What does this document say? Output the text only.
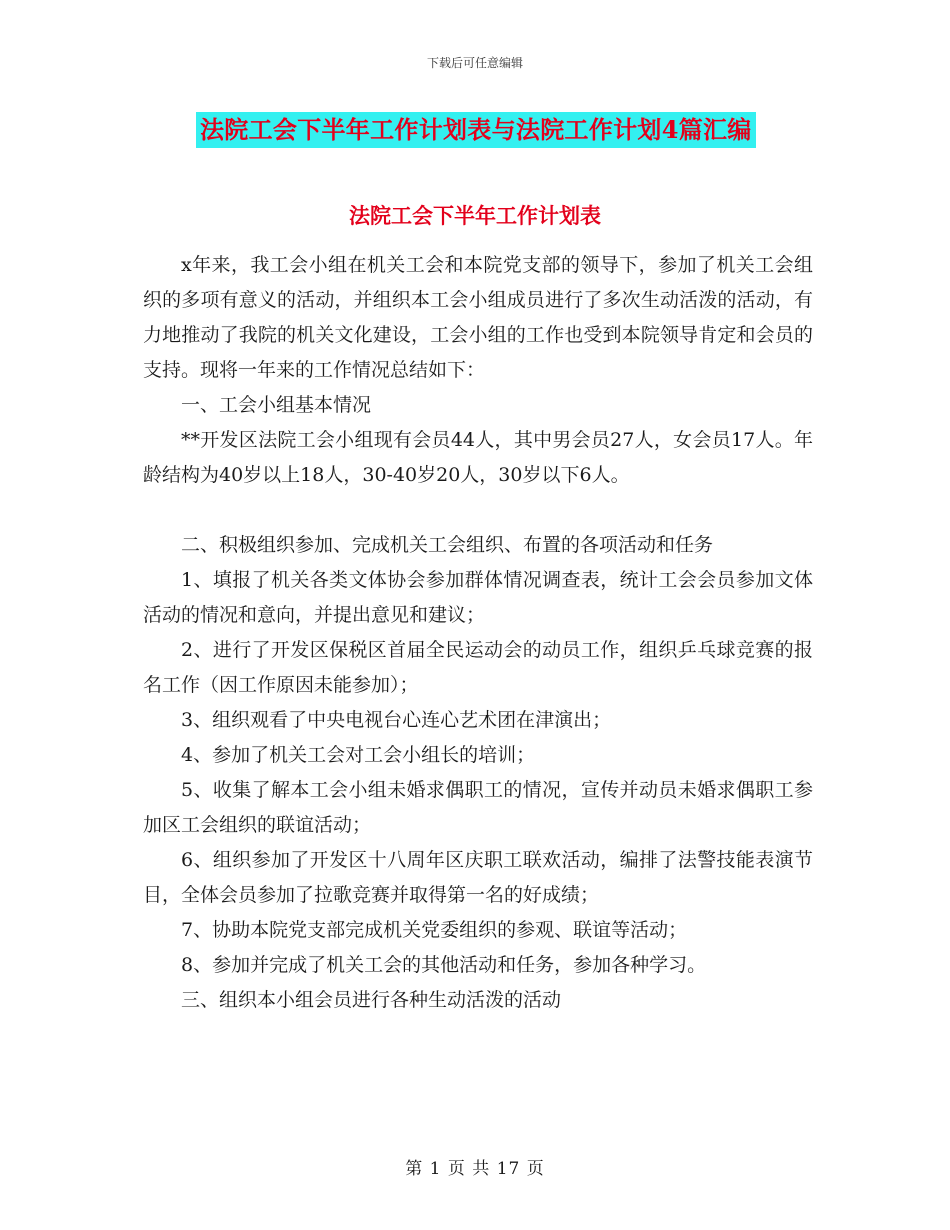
下载后可任意编辑
法院工会下半年工作计划表与法院工作计划4篇汇编
法院工会下半年工作计划表

x年来，我工会小组在机关工会和本院党支部的领导下，参加了机关工会组织的多项有意义的活动，并组织本工会小组成员进行了多次生动活泼的活动，有力地推动了我院的机关文化建设，工会小组的工作也受到本院领导肯定和会员的支持。现将一年来的工作情况总结如下：

一、工会小组基本情况

**开发区法院工会小组现有会员44人，其中男会员27人，女会员17人。年龄结构为40岁以上18人，30-40岁20人，30岁以下6人。

二、积极组织参加、完成机关工会组织、布置的各项活动和任务

1、填报了机关各类文体协会参加群体情况调查表，统计工会会员参加文体活动的情况和意向，并提出意见和建议；

2、进行了开发区保税区首届全民运动会的动员工作，组织乒乓球竞赛的报名工作（因工作原因未能参加）；

3、组织观看了中央电视台心连心艺术团在津演出；

4、参加了机关工会对工会小组长的培训；

5、收集了解本工会小组未婚求偶职工的情况，宣传并动员未婚求偶职工参加区工会组织的联谊活动；

6、组织参加了开发区十八周年区庆职工联欢活动，编排了法警技能表演节目，全体会员参加了拉歌竞赛并取得第一名的好成绩；

7、协助本院党支部完成机关党委组织的参观、联谊等活动；

8、参加并完成了机关工会的其他活动和任务，参加各种学习。

三、组织本小组会员进行各种生动活泼的活动

第 1 页 共 17 页
